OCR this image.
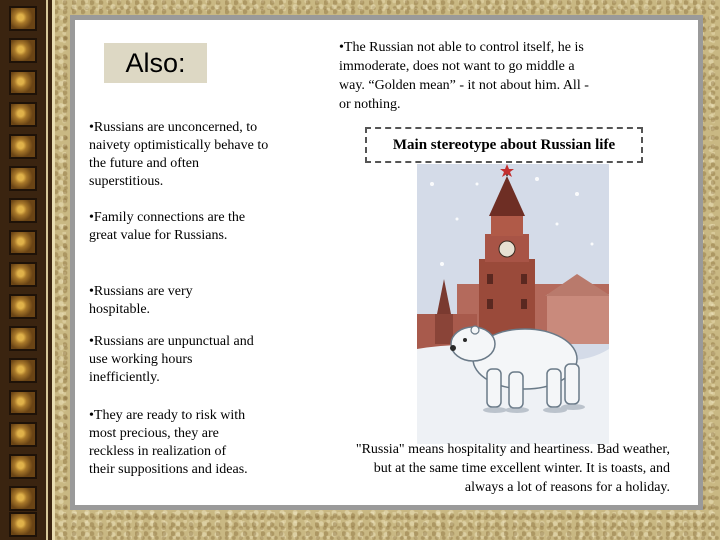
Also:
•Russians are unconcerned, to naivety optimistically behave to the future and often superstitious.
•Family connections are the great value for Russians.
•Russians are very hospitable.
•Russians are unpunctual and use working hours inefficiently.
•They are ready to risk with most precious, they are reckless in realization of their suppositions and ideas.
•The Russian not able to control itself, he is immoderate, does not want to go middle a way. “Golden mean” - it not about him. All - or nothing.
Main stereotype about Russian life
"Russia" means hospitality and heartiness. Bad weather, but at the same time excellent winter. It is toasts, and always a lot of reasons for a holiday.
